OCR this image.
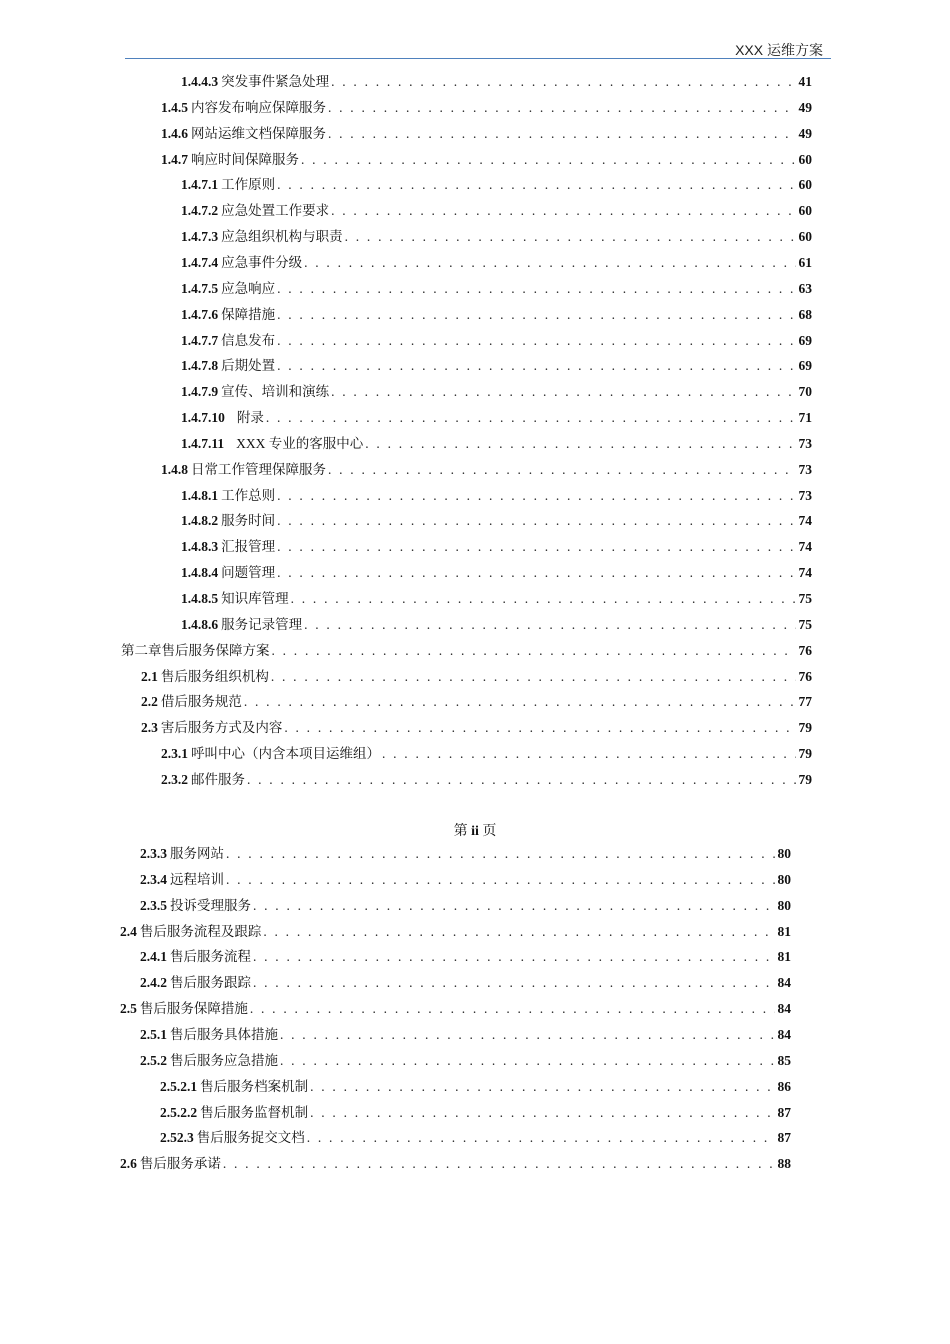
XXX 运维方案
1.4.4.3 突发事件紧急处理 . . .	41
1.4.5 内容发布响应保障服务 . . .	49
1.4.6 网站运维文档保障服务 . . .	49
1.4.7 响应时间保障服务 . . .	60
1.4.7.1 工作原则 . . .	60
1.4.7.2 应急处置工作要求 . . .	60
1.4.7.3 应急组织机构与职责 . . .	60
1.4.7.4 应急事件分级 . . .	61
1.4.7.5 应急响应 . . .	63
1.4.7.6 保障措施 . . .	68
1.4.7.7 信息发布 . . .	69
1.4.7.8 后期处置 . . .	69
1.4.7.9 宣传、培训和演练 . . .	70
1.4.7.10 附录 . . .	71
1.4.7.11 XXX 专业的客服中心 . . .	73
1.4.8 日常工作管理保障服务 . . .	73
1.4.8.1 工作总则 . . .	73
1.4.8.2 服务时间 . . .	74
1.4.8.3 汇报管理 . . .	74
1.4.8.4 问题管理 . . .	74
1.4.8.5 知识库管理 . . .	75
1.4.8.6 服务记录管理 . . .	75
第二章售后服务保障方案 . . .	76
2.1 售后服务组织机构 . . .	76
2.2 借后服务规范 . . .	77
2.3 害后服务方式及内容 . . .	79
2.3.1 呼叫中心（内含本项目运维组） . . .	79
2.3.2 邮件服务 . . .	79
第 ii 页
2.3.3 服务网站 . . .	80
2.3.4 远程培训 . . .	80
2.3.5 投诉受理服务 . . .	80
2.4 售后服务流程及跟踪 . . .	81
2.4.1 售后服务流程 . . .	81
2.4.2 售后服务跟踪 . . .	84
2.5 售后服务保障措施 . . .	84
2.5.1 售后服务具体措施 . . .	84
2.5.2 售后服务应急措施 . . .	85
2.5.2.1 售后服务档案机制 . . .	86
2.5.2.2 售后服务监督机制 . . .	87
2.52.3 售后服务捉交文档 . . .	87
2.6 售后服务承诺 . . .	88
